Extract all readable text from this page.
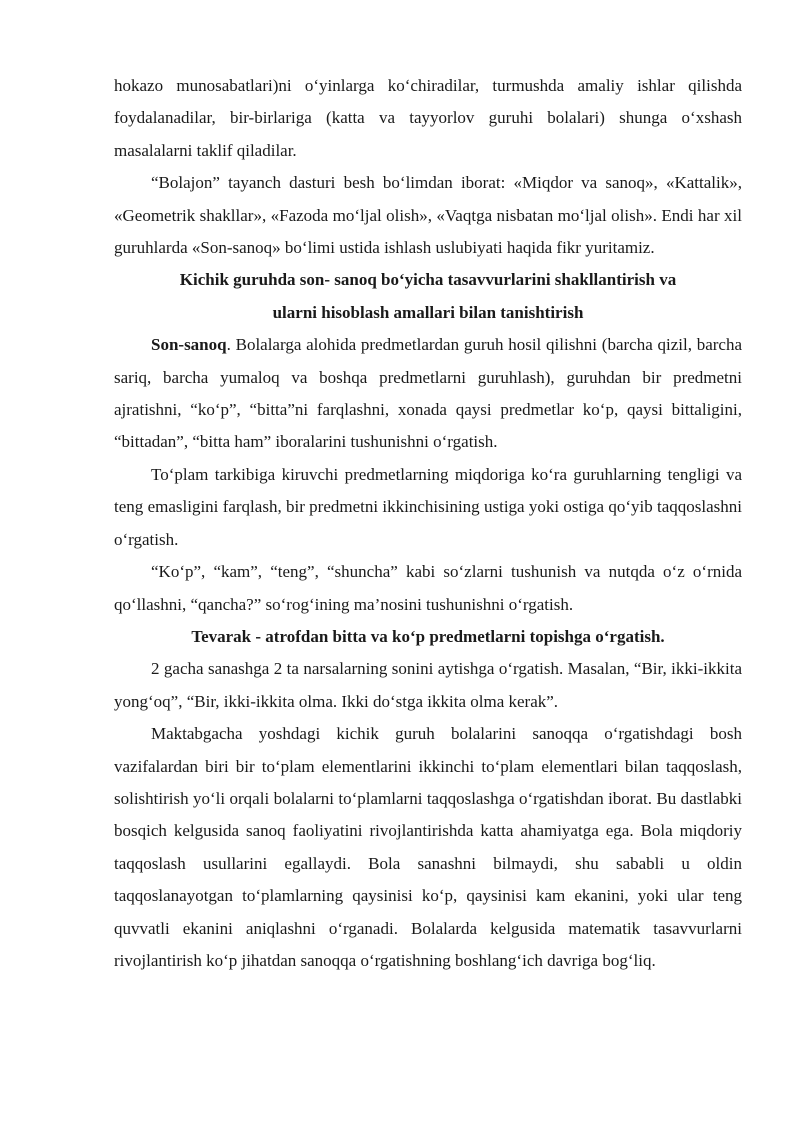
hokazo munosabatlari)ni o‘yinlarga ko‘chiradilar, turmushda amaliy ishlar qilishda foydalanadilar, bir-birlariga (katta va tayyorlov guruhi bolalari) shunga o‘xshash masalalarni taklif qiladilar.

“Bolajon” tayanch dasturi besh bo‘limdan iborat: «Miqdor va sanoq», «Kattalik», «Geometrik shakllar», «Fazoda mo‘ljal olish», «Vaqtga nisbatan mo‘ljal olish». Endi har xil guruhlarda «Son-sanoq» bo‘limi ustida ishlash uslubiyati haqida fikr yuritamiz.

Kichik guruhda son- sanoq bo‘yicha tasavvurlarini shakllantirish va
ularni hisoblash amallari bilan tanishtirish

Son-sanoq. Bolalarga alohida predmetlardan guruh hosil qilishni (barcha qizil, barcha sariq, barcha yumaloq va boshqa predmetlarni guruhlash), guruhdan bir predmetni ajratishni, “ko‘p”, “bitta”ni farqlashni, xonada qaysi predmetlar ko‘p, qaysi bittaligini, “bittadan”, “bitta ham” iboralarini tushunishni o‘rgatish.

To‘plam tarkibiga kiruvchi predmetlarning miqdoriga ko‘ra guruhlarning tengligi va teng emasligini farqlash, bir predmetni ikkinchisining ustiga yoki ostiga qo‘yib taqqoslashni o‘rgatish.

“Ko‘p”, “kam”, “teng”, “shuncha” kabi so‘zlarni tushunish va nutqda o‘z o‘rnida qo‘llashni, “qancha?” so‘rog‘ining ma’nosini tushunishni o‘rgatish.

Tevarak - atrofdan bitta va ko‘p predmetlarni topishga o‘rgatish.

2 gacha sanashga 2 ta narsalarning sonini aytishga o‘rgatish. Masalan, “Bir, ikki-ikkita yong‘oq”, “Bir, ikki-ikkita olma. Ikki do‘stga ikkita olma kerak”.

Maktabgacha yoshdagi kichik guruh bolalarini sanoqqa o‘rgatishdagi bosh vazifalardan biri bir to‘plam elementlarini ikkinchi to‘plam elementlari bilan taqqoslash, solishtirish yo‘li orqali bolalarni to‘plamlarni taqqoslashga o‘rgatishdan iborat. Bu dastlabki bosqich kelgusida sanoq faoliyatini rivojlantirishda katta ahamiyatga ega. Bola miqdoriy taqqoslash usullarini egallaydi. Bola sanashni bilmaydi, shu sababli u oldin taqqoslanayotgan to‘plamlarning qaysinisi ko‘p, qaysinisi kam ekanini, yoki ular teng quvvatli ekanini aniqlashni o‘rganadi. Bolalarda kelgusida matematik tasavvurlarni rivojlantirish ko‘p jihatdan sanoqqa o‘rgatishning boshlang‘ich davriga bog‘liq.
